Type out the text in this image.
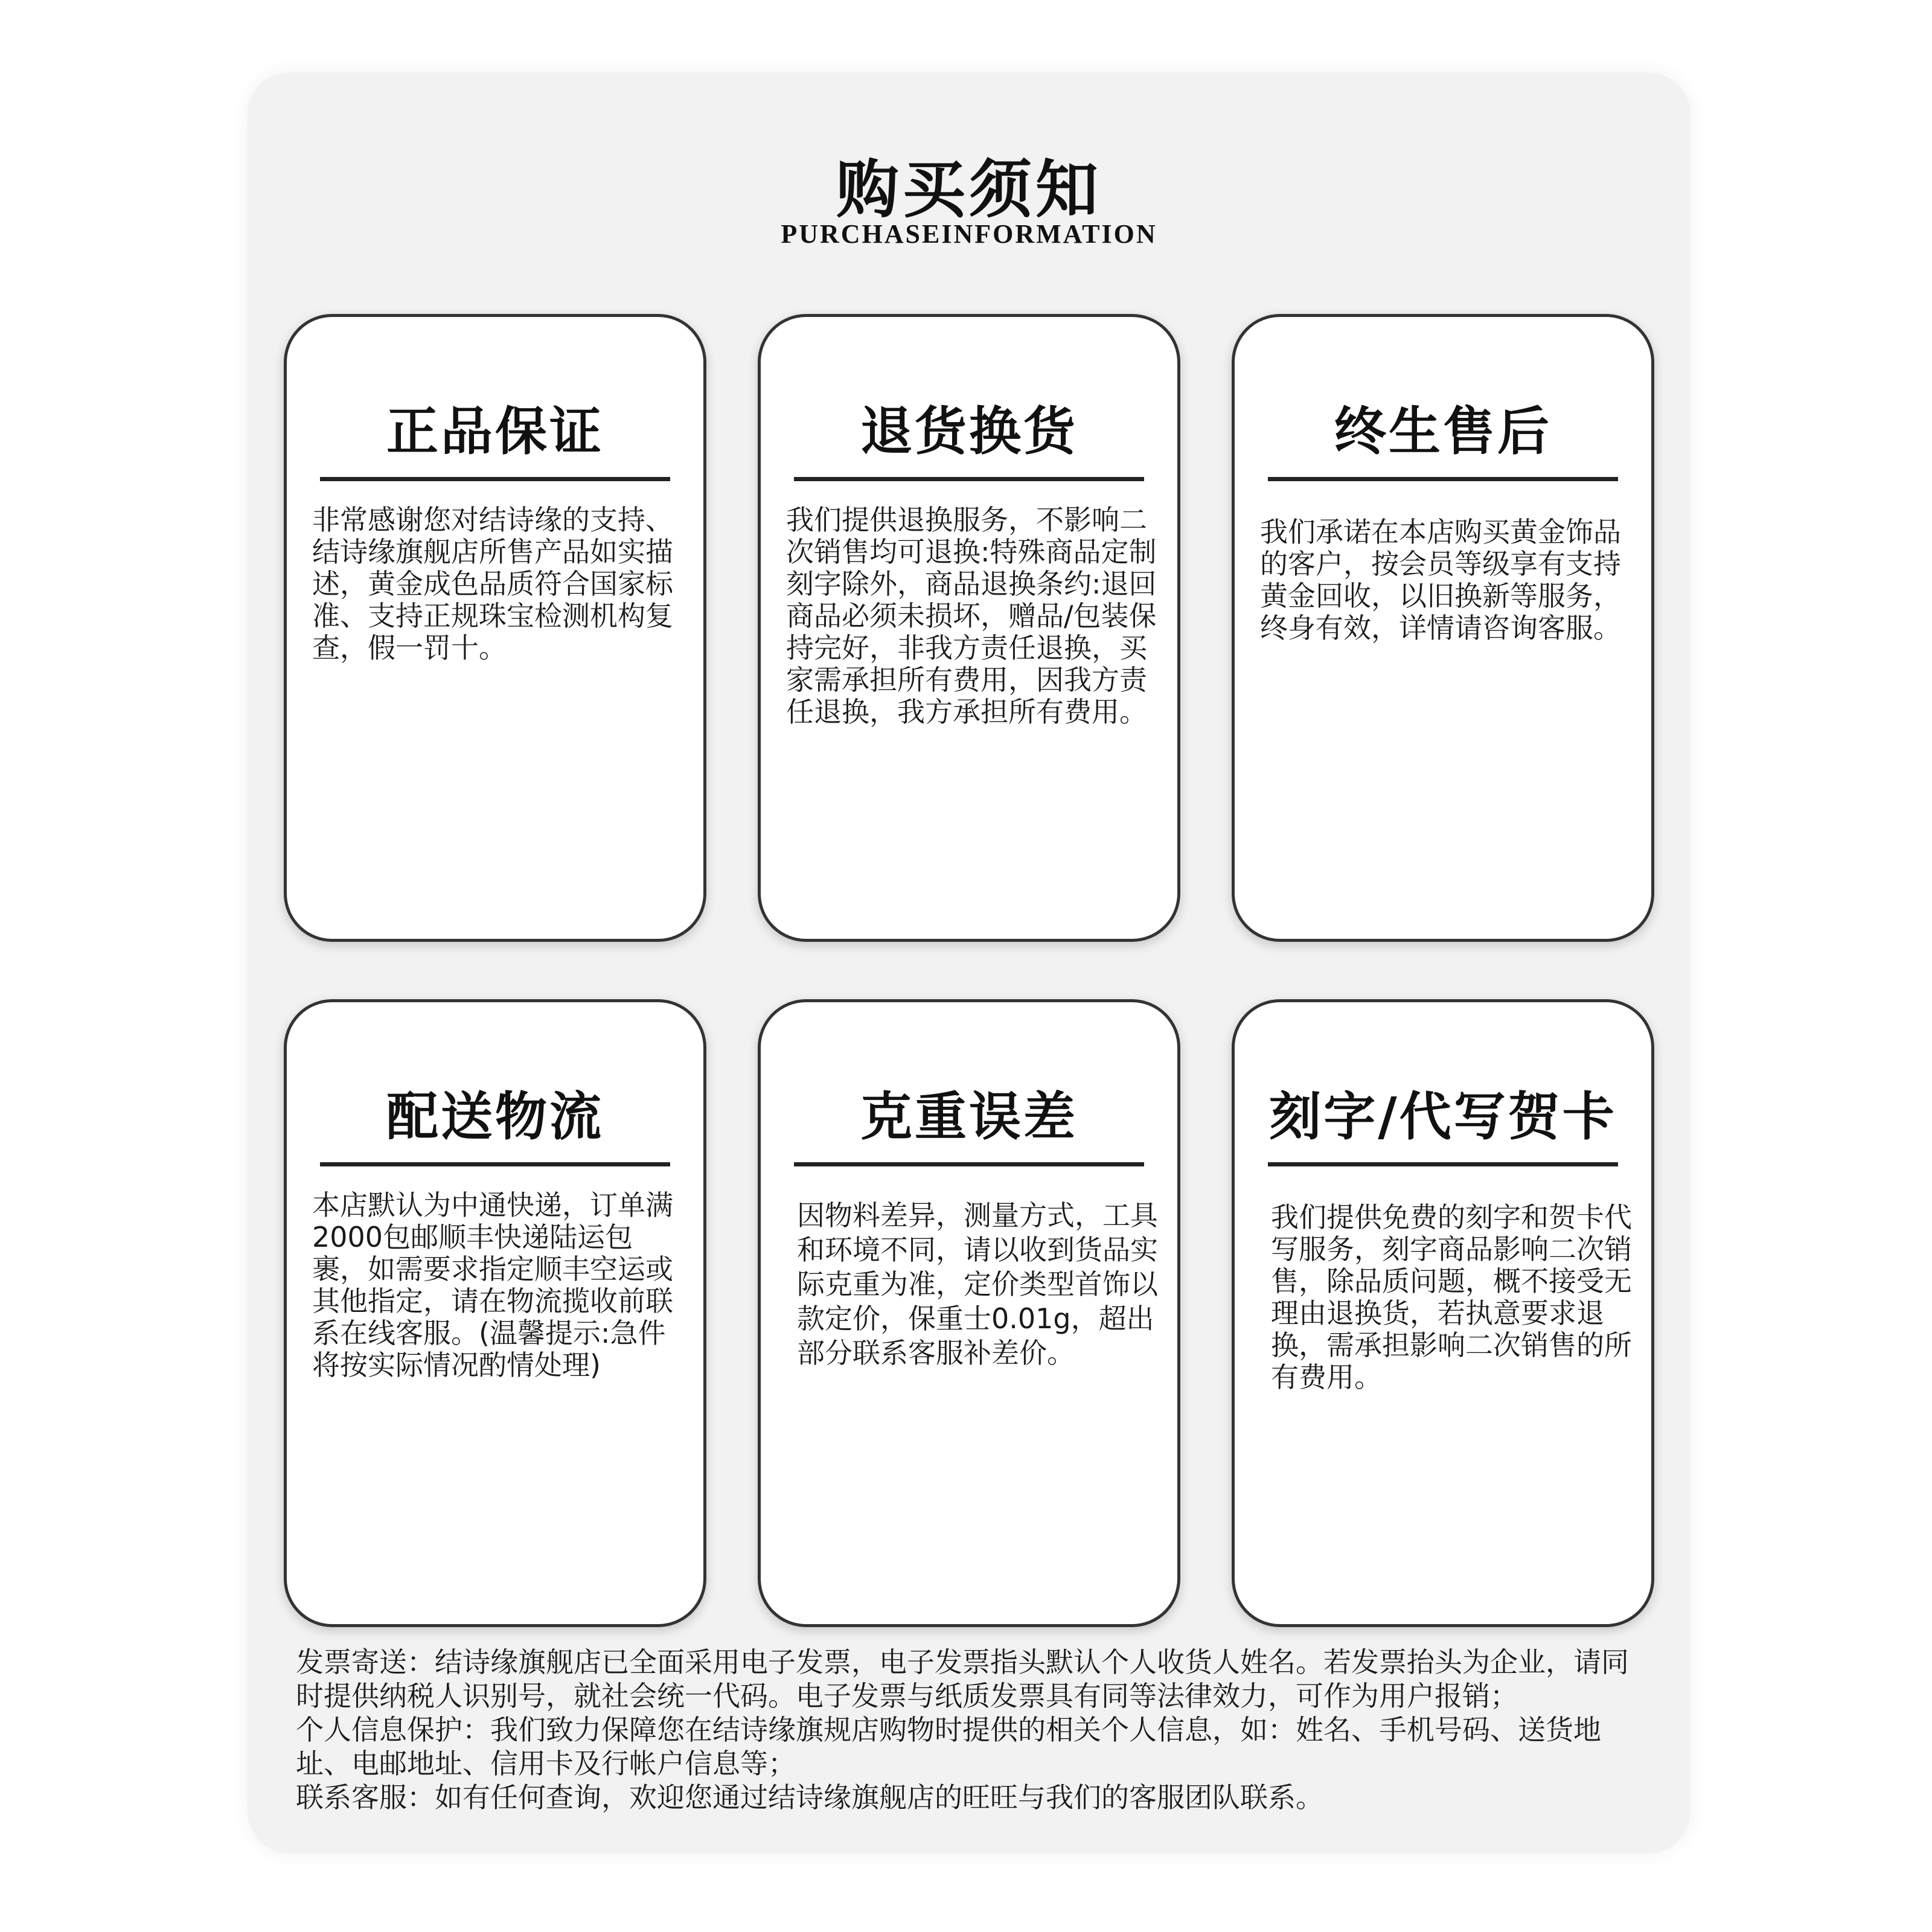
购买须知
PURCHASEINFORMATION
正品保证
非常感谢您对结诗缘的支持、结诗缘旗舰店所售产品如实描述，黄金成色品质符合国家标准、支持正规珠宝检测机构复查，假一罚十。
退货换货
我们提供退换服务，不影响二次销售均可退换:特殊商品定制刻字除外，商品退换条约:退回商品必须未损坏，赠品/包装保持完好，非我方责任退换，买家需承担所有费用，因我方责任退换，我方承担所有费用。
终生售后
我们承诺在本店购买黄金饰品的客户，按会员等级享有支持黄金回收，以旧换新等服务，终身有效，详情请咨询客服。
配送物流
本店默认为中通快递，订单满2000包邮顺丰快递陆运包裹，如需要求指定顺丰空运或其他指定，请在物流揽收前联系在线客服。(温馨提示:急件将按实际情况酌情处理)
克重误差
因物料差异，测量方式，工具和环境不同，请以收到货品实际克重为准，定价类型首饰以款定价，保重士0.01g，超出部分联系客服补差价。
刻字/代写贺卡
我们提供免费的刻字和贺卡代写服务，刻字商品影响二次销售，除品质问题，概不接受无理由退换货，若执意要求退换，需承担影响二次销售的所有费用。

发票寄送：结诗缘旗舰店已全面采用电子发票，电子发票指头默认个人收货人姓名。若发票抬头为企业，请同时提供纳税人识别号，就社会统一代码。电子发票与纸质发票具有同等法律效力，可作为用户报销；

个人信息保护：我们致力保障您在结诗缘旗规店购物时提供的相关个人信息，如：姓名、手机号码、送货地址、电邮地址、信用卡及行帐户信息等；

联系客服：如有任何查询，欢迎您通过结诗缘旗舰店的旺旺与我们的客服团队联系。
